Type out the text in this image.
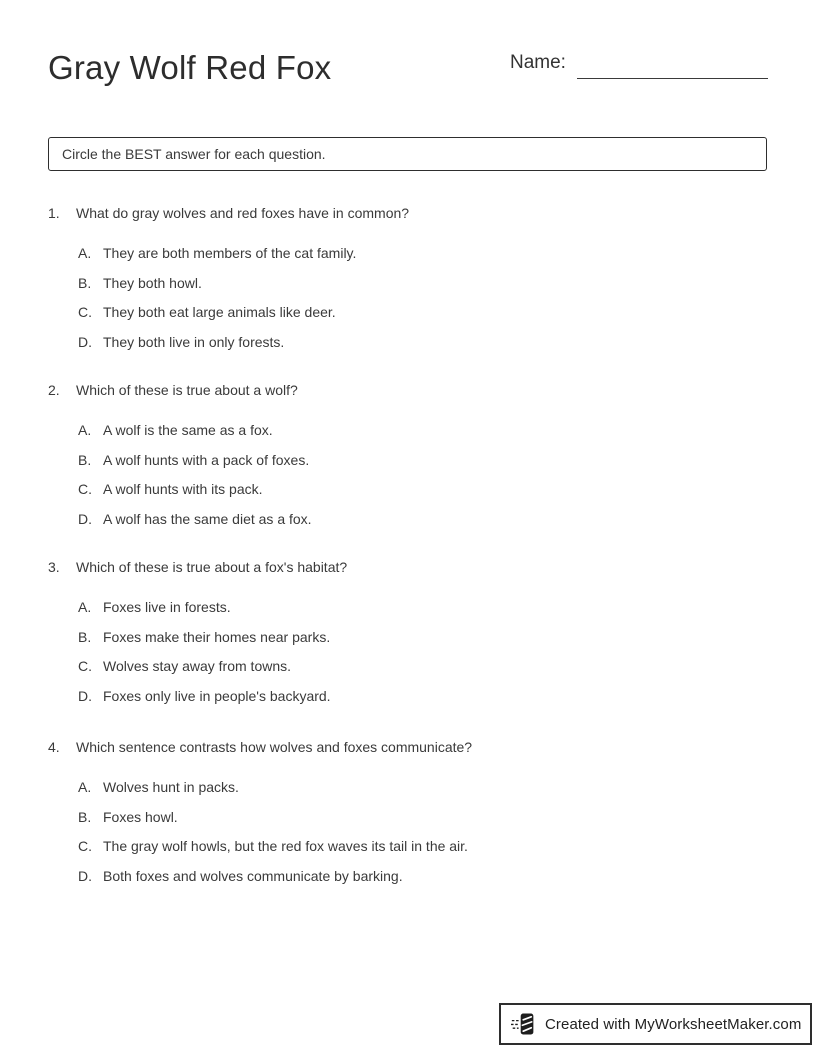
Gray Wolf Red Fox	Name:
Circle the BEST answer for each question.
1.	What do gray wolves and red foxes have in common?
A. They are both members of the cat family.
B. They both howl.
C. They both eat large animals like deer.
D. They both live in only forests.
2.	Which of these is true about a wolf?
A. A wolf is the same as a fox.
B. A wolf hunts with a pack of foxes.
C. A wolf hunts with its pack.
D. A wolf has the same diet as a fox.
3.	Which of these is true about a fox's habitat?
A. Foxes live in forests.
B. Foxes make their homes near parks.
C. Wolves stay away from towns.
D. Foxes only live in people's backyard.
4.	Which sentence contrasts how wolves and foxes communicate?
A. Wolves hunt in packs.
B. Foxes howl.
C. The gray wolf howls, but the red fox waves its tail in the air.
D. Both foxes and wolves communicate by barking.
Created with MyWorksheetMaker.com
